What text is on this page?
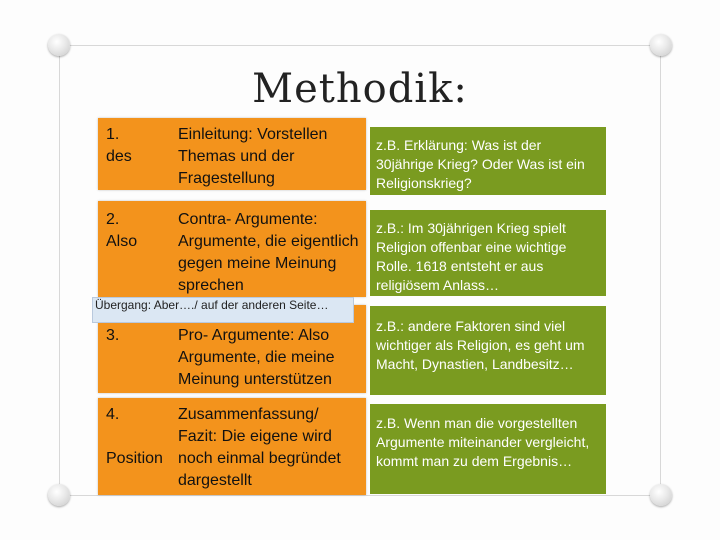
Methodik:
1.
des
Einleitung: Vorstellen Themas und der Fragestellung
z.B. Erklärung: Was ist der 30jährige Krieg? Oder Was ist ein Religionskrieg?
2.
Also
Contra- Argumente: Argumente, die eigentlich gegen meine Meinung sprechen
z.B.: Im 30jährigen Krieg spielt Religion offenbar eine wichtige Rolle. 1618 entsteht er aus religiösem Anlass…
3.	Pro- Argumente: Also Argumente, die meine Meinung unterstützen
Übergang: Aber…./ auf der anderen Seite…
z.B.: andere Faktoren sind viel wichtiger als Religion, es geht um Macht, Dynastien, Landbesitz…
4.

Position
Zusammenfassung/ Fazit: Die eigene wird noch einmal begründet dargestellt
z.B. Wenn man die vorgestellten Argumente miteinander vergleicht, kommt man zu dem Ergebnis…
